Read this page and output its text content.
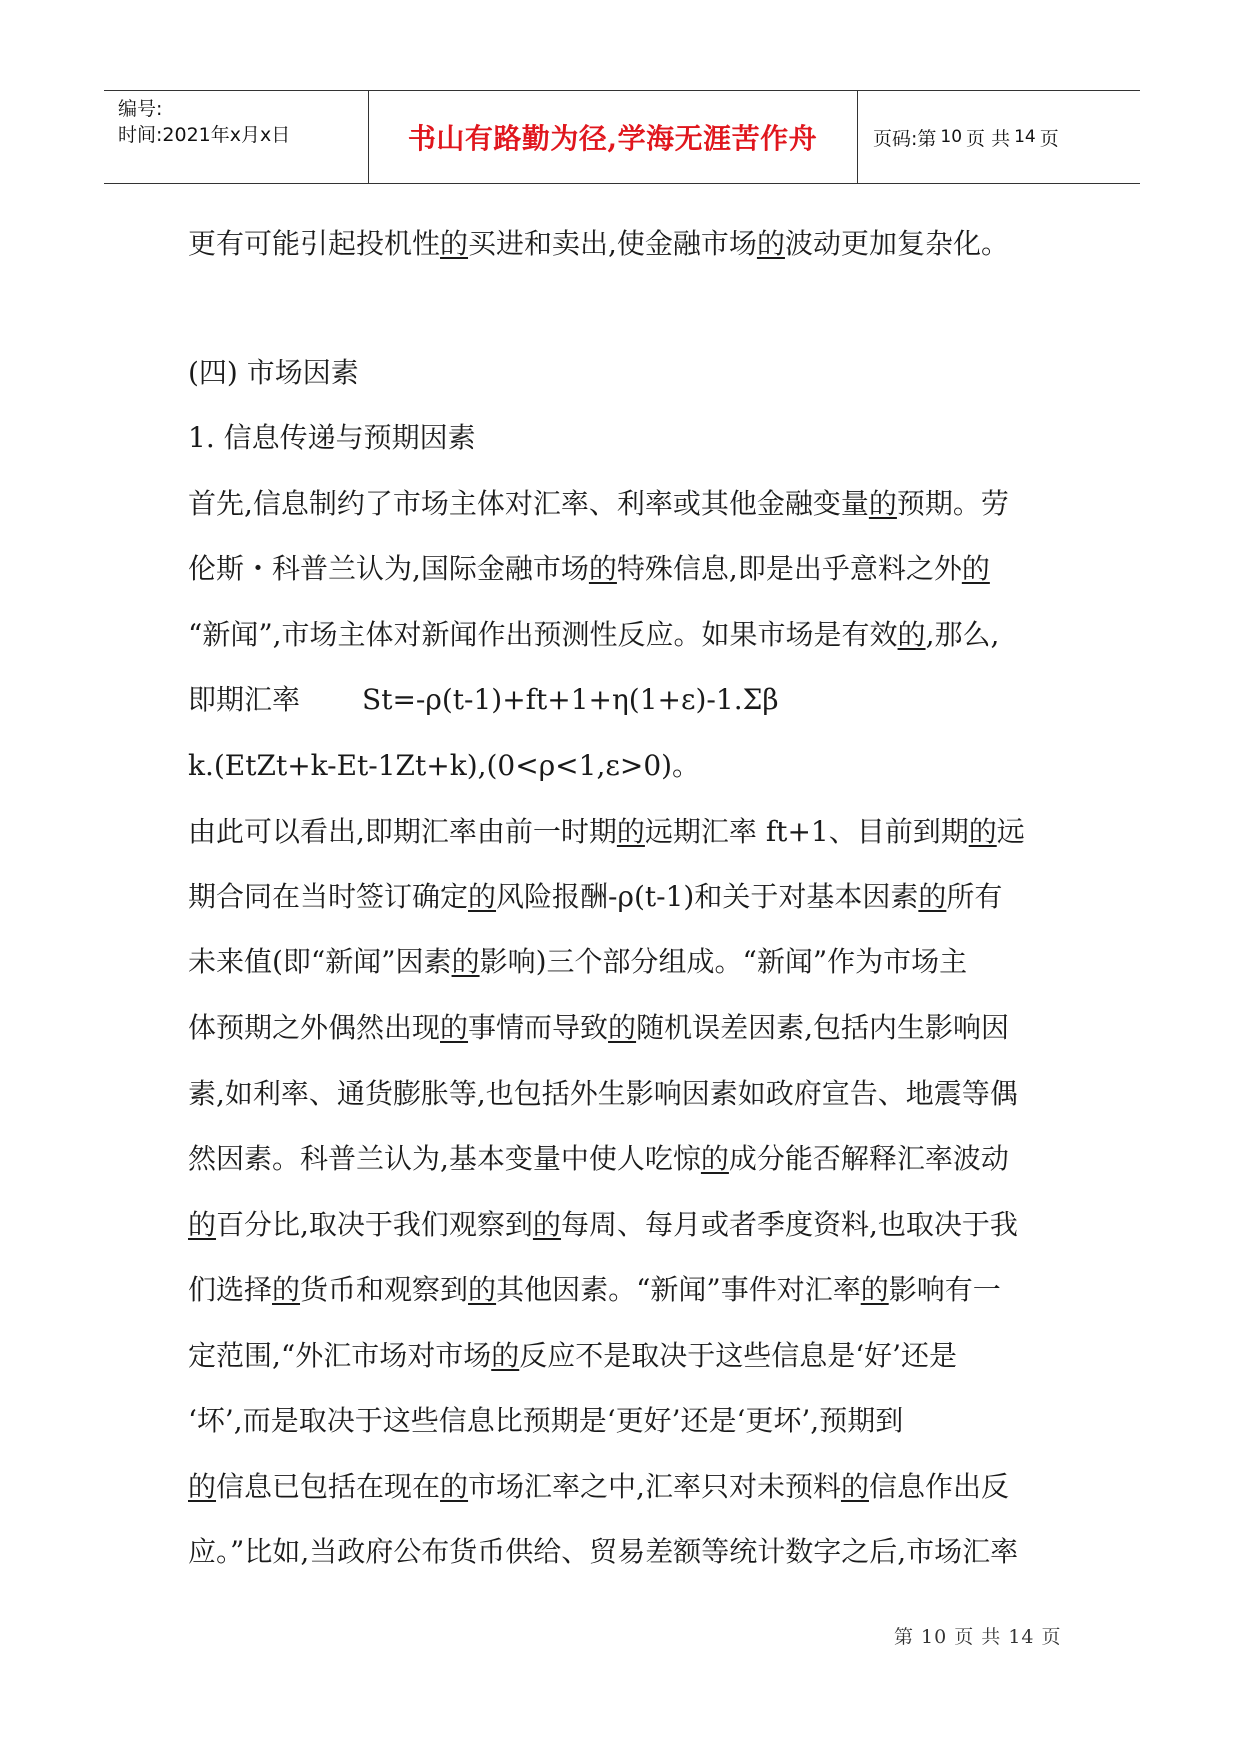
编号:
时间:2021年x月x日	书山有路勤为径,学海无涯苦作舟	页码:第 10 页 共 14 页
更有可能引起投机性的买进和卖出,使金融市场的波动更加复杂化。
(四) 市场因素
1. 信息传递与预期因素
首先,信息制约了市场主体对汇率、利率或其他金融变量的预期。劳
伦斯・科普兰认为,国际金融市场的特殊信息,即是出乎意料之外的
“新闻”,市场主体对新闻作出预测性反应。如果市场是有效的,那么,
即期汇率 St=-ρ(t-1)+ft+1+η(1+ε)-1.Σβ
k.(EtZt+k-Et-1Zt+k),(0<ρ<1,ε>0)。
由此可以看出,即期汇率由前一时期的远期汇率 ft+1、目前到期的远
期合同在当时签订确定的风险报酬-ρ(t-1)和关于对基本因素的所有
未来值(即“新闻”因素的影响)三个部分组成。“新闻”作为市场主
体预期之外偶然出现的事情而导致的随机误差因素,包括内生影响因
素,如利率、通货膨胀等,也包括外生影响因素如政府宣告、地震等偶
然因素。科普兰认为,基本变量中使人吃惊的成分能否解释汇率波动
的百分比,取决于我们观察到的每周、每月或者季度资料,也取决于我
们选择的货币和观察到的其他因素。“新闻”事件对汇率的影响有一
定范围,“外汇市场对市场的反应不是取决于这些信息是‘好’还是
‘坏’,而是取决于这些信息比预期是‘更好’还是‘更坏’,预期到
的信息已包括在现在的市场汇率之中,汇率只对未预料的信息作出反
应。”比如,当政府公布货币供给、贸易差额等统计数字之后,市场汇率
第 10 页 共 14 页
